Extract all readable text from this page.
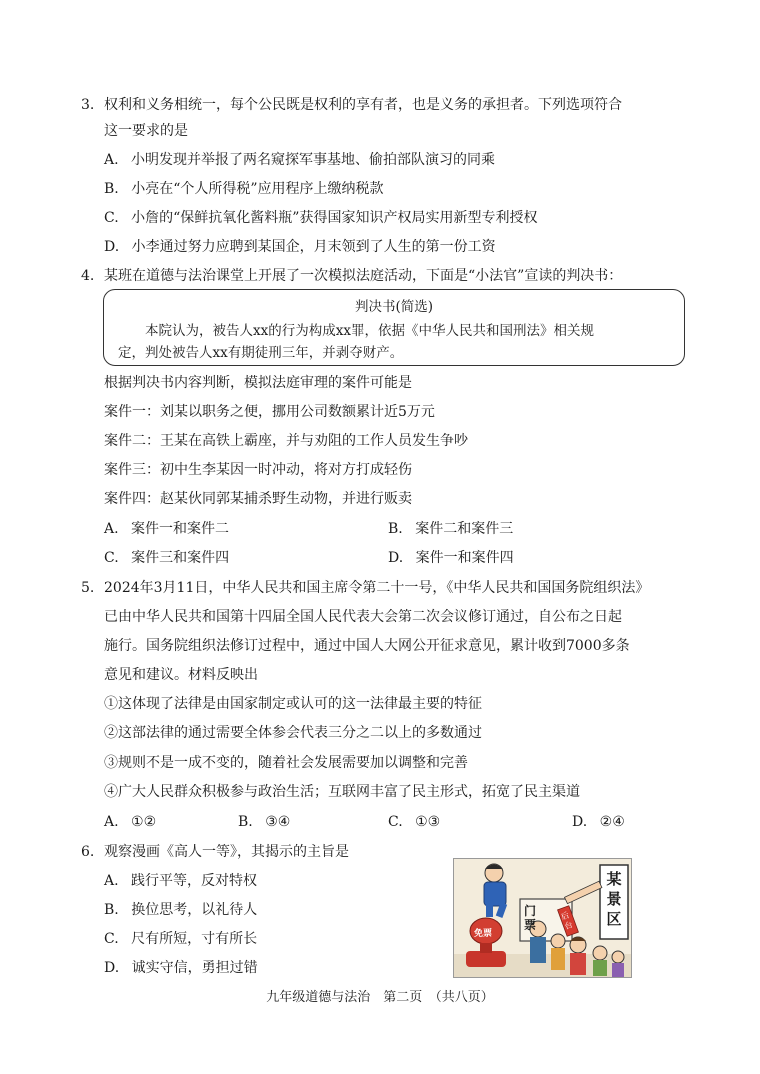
3. 权利和义务相统一，每个公民既是权利的享有者，也是义务的承担者。下列选项符合
这一要求的是
A. 小明发现并举报了两名窥探军事基地、偷拍部队演习的同乘
B. 小亮在“个人所得税”应用程序上缴纳税款
C. 小詹的“保鲜抗氧化酱料瓶”获得国家知识产权局实用新型专利授权
D. 小李通过努力应聘到某国企，月末领到了人生的第一份工资
4. 某班在道德与法治课堂上开展了一次模拟法庭活动，下面是“小法官”宣读的判决书：
判决书(简选)
本院认为，被告人xx的行为构成xx罪，依据《中华人民共和国刑法》相关规
定，判处被告人xx有期徒刑三年，并剥夺财产。
根据判决书内容判断，模拟法庭审理的案件可能是
案件一：刘某以职务之便，挪用公司数额累计近5万元
案件二：王某在高铁上霸座，并与劝阻的工作人员发生争吵
案件三：初中生李某因一时冲动，将对方打成轻伤
案件四：赵某伙同郭某捕杀野生动物，并进行贩卖
A. 案件一和案件二	B. 案件二和案件三
C. 案件三和案件四	D. 案件一和案件四
5. 2024年3月11日，中华人民共和国主席令第二十一号，《中华人民共和国国务院组织法》
已由中华人民共和国第十四届全国人民代表大会第二次会议修订通过，自公布之日起
施行。国务院组织法修订过程中，通过中国人大网公开征求意见，累计收到7000多条
意见和建议。材料反映出
①这体现了法律是由国家制定或认可的这一法律最主要的特征
②这部法律的通过需要全体参会代表三分之二以上的多数通过
③规则不是一成不变的，随着社会发展需要加以调整和完善
④广大人民群众积极参与政治生活；互联网丰富了民主形式，拓宽了民主渠道
A. ①②	B. ③④	C. ①③	D. ②④
6. 观察漫画《高人一等》，其揭示的主旨是
A. 践行平等，反对特权
B. 换位思考，以礼待人
C. 尺有所短，寸有所长
D. 诚实守信，勇担过错
某景区
门票
免票
后台
九年级道德与法治　第二页　（共八页）
